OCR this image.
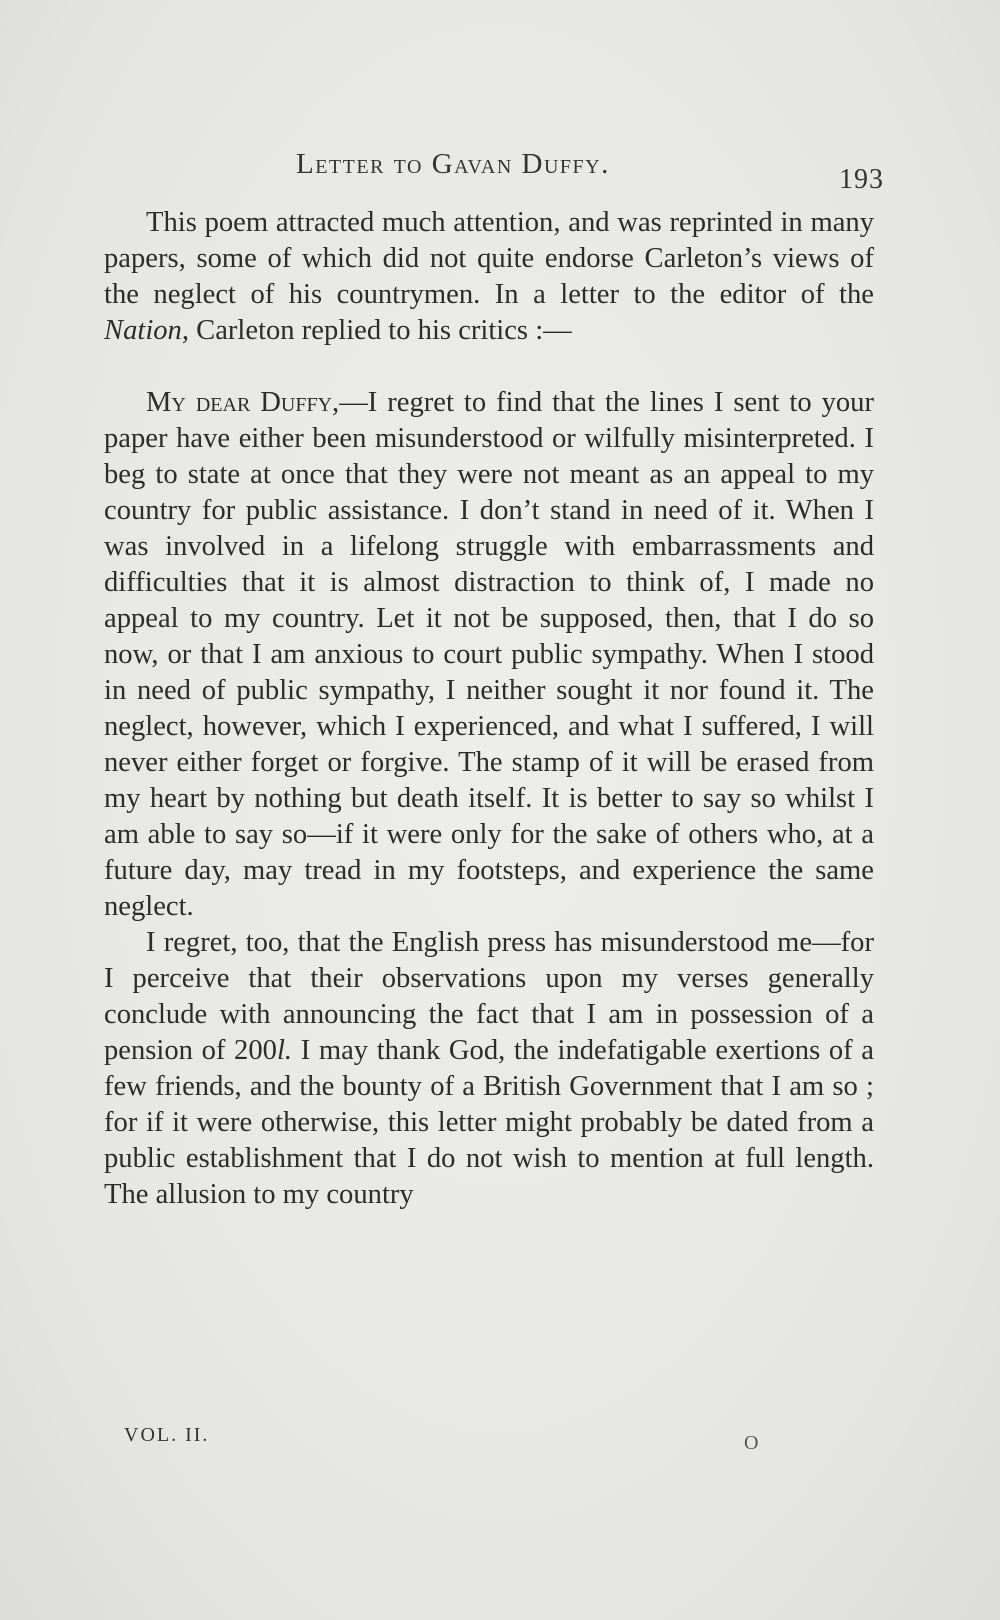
Letter to Gavan Duffy.	193

This poem attracted much attention, and was reprinted in many papers, some of which did not quite endorse Carleton’s views of the neglect of his countrymen. In a letter to the editor of the Nation, Carleton replied to his critics :—

My dear Duffy,—I regret to find that the lines I sent to your paper have either been misunderstood or wilfully misinterpreted. I beg to state at once that they were not meant as an appeal to my country for public assistance. I don’t stand in need of it. When I was involved in a lifelong struggle with embarrassments and difficulties that it is almost distraction to think of, I made no appeal to my country. Let it not be supposed, then, that I do so now, or that I am anxious to court public sympathy. When I stood in need of public sympathy, I neither sought it nor found it. The neglect, however, which I experienced, and what I suffered, I will never either forget or forgive. The stamp of it will be erased from my heart by nothing but death itself. It is better to say so whilst I am able to say so—if it were only for the sake of others who, at a future day, may tread in my footsteps, and experience the same neglect.

I regret, too, that the English press has misunderstood me—for I perceive that their observations upon my verses generally conclude with announcing the fact that I am in possession of a pension of 200l. I may thank God, the indefatigable exertions of a few friends, and the bounty of a British Government that I am so ; for if it were otherwise, this letter might probably be dated from a public establishment that I do not wish to mention at full length. The allusion to my country

VOL. II.	O
